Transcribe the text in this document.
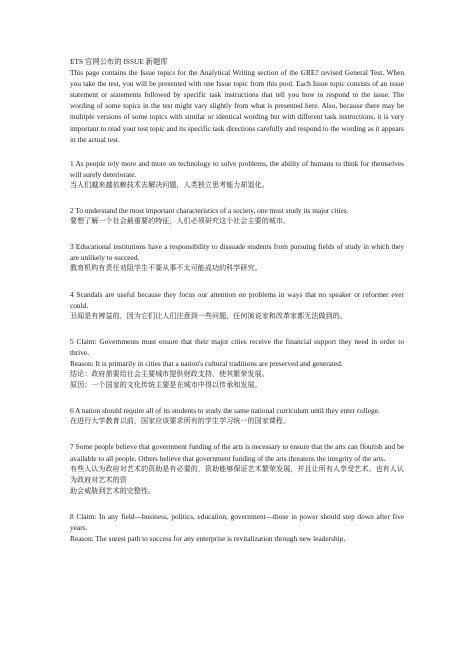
ETS 官网公布的 ISSUE 新题库

This page contains the Issue topics for the Analytical Writing section of the GRE? revised General Test. When you take the test, you will be presented with one Issue topic from this pool. Each Issue topic consists of an issue statement or statements followed by specific task instructions that tell you how to respond to the issue. The wording of some topics in the test might vary slightly from what is presented here. Also, because there may be multiple versions of some topics with similar or identical wording but with different task instructions, it is very important to read your test topic and its specific task directions carefully and respond to the wording as it appears in the actual test.

1 As people rely more and more on technology to solve problems, the ability of humans to think for themselves will surely deteriorate.
当人们越来越依赖技术去解决问题，人类独立思考能力却退化。
2 To understand the most important characteristics of a society, one must study its major cities.
要想了解一个社会最重要的特征，人们必须研究这个社会主要的城市。
3 Educational institutions have a responsibility to dissuade students from pursuing fields of study in which they are unlikely to succeed.
教育机构有责任劝阻学生不要从事不太可能成功的科学研究。
4 Scandals are useful because they focus our attention on problems in ways that no speaker or reformer ever could.
丑闻是有裨益的，因为它们让人们注意到一些问题，任何演说家和改革家都无法做到的。
5 Claim: Governments must ensure that their major cities receive the financial support they need in order to thrive.
Reason: It is primarily in cities that a nation's cultural traditions are preserved and generated.
结论：政府需要给社会主要城市提供财政支持，使其繁荣发展。
原因：一个国家的文化传统主要是在城市中得以传承和发展。
6 A nation should require all of its students to study the same national curriculum until they enter college.
在进行大学教育以前，国家应该要求所有的学生学习统一的国家课程。
7 Some people believe that government funding of the arts is necessary to ensure that the arts can flourish and be available to all people. Others believe that government funding of the arts threatens the integrity of the arts.
有些人认为政府对艺术的资助是有必要的，资助能够保证艺术繁荣发展，并且让所有人享受艺术。也有人认为政府对艺术的资
助会威胁到艺术的完整性。
8 Claim: In any field—business, politics, education, government—those in power should step down after five years.
Reason: The surest path to success for any enterprise is revitalization through new leadership.
